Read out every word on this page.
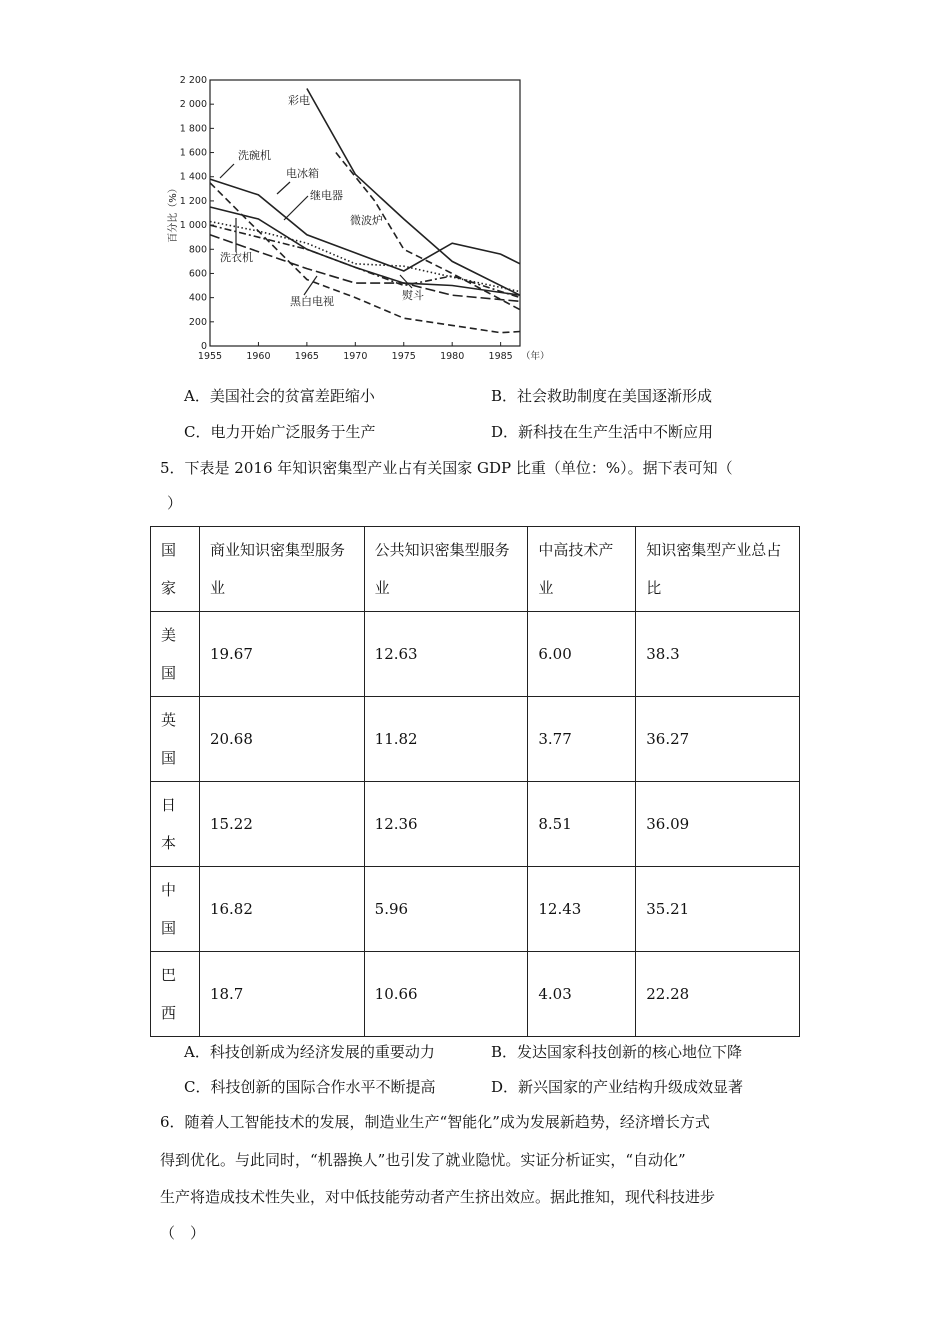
0
200
400
600
800
1 000
1 200
1 400
1 600
1 800
2 000
2 200
1955	1960	1965	1970	1975	1980	1985 （年）
百分比（%）
彩电
微波炉
洗碗机
电冰箱
继电器
洗衣机
黑白电视	熨斗
A．美国社会的贫富差距缩小	B．社会救助制度在美国逐渐形成
C．电力开始广泛服务于生产	D．新科技在生产生活中不断应用
5．下表是 2016 年知识密集型产业占有关国家 GDP 比重（单位：%）。据下表可知（
）
国家	商业知识密集型服务业	公共知识密集型服务业	中高技术产业	知识密集型产业总占比

美国	19.67	12.63	6.00	38.3

英国	20.68	11.82	3.77	36.27

日本	15.22	12.36	8.51	36.09

中国	16.82	5.96	12.43	35.21

巴西	18.7	10.66	4.03	22.28
A．科技创新成为经济发展的重要动力	B．发达国家科技创新的核心地位下降
C．科技创新的国际合作水平不断提高	D．新兴国家的产业结构升级成效显著
6．随着人工智能技术的发展，制造业生产“智能化”成为发展新趋势，经济增长方式
得到优化。与此同时，“机器换人”也引发了就业隐忧。实证分析证实，“自动化”
生产将造成技术性失业，对中低技能劳动者产生挤出效应。据此推知，现代科技进步
（　）
